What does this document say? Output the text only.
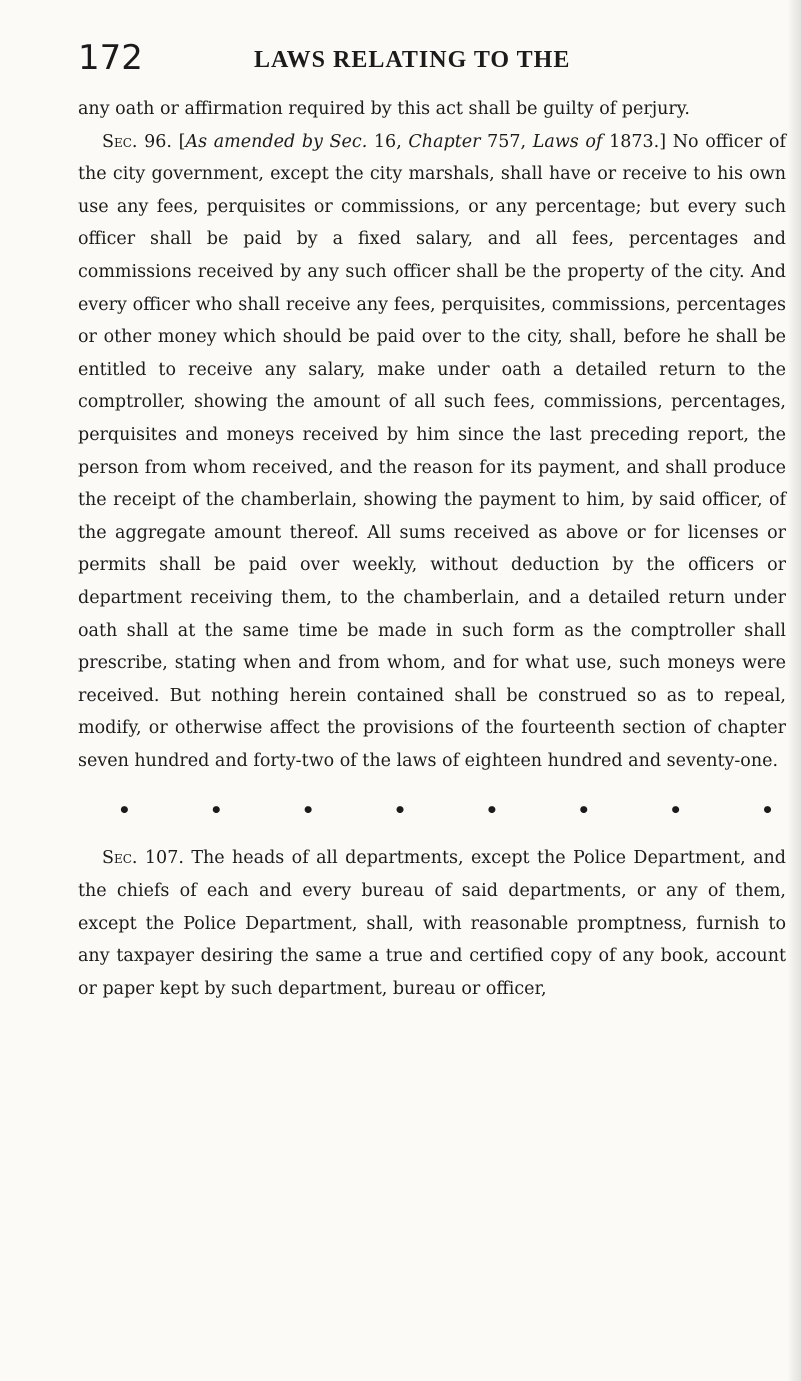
172	LAWS RELATING TO THE

any oath or affirmation required by this act shall be guilty of perjury.

Sec. 96. [As amended by Sec. 16, Chapter 757, Laws of 1873.] No officer of the city government, except the city marshals, shall have or receive to his own use any fees, perquisites or commissions, or any percentage; but every such officer shall be paid by a fixed salary, and all fees, percentages and commissions received by any such officer shall be the property of the city. And every officer who shall receive any fees, perquisites, commissions, percentages or other money which should be paid over to the city, shall, before he shall be entitled to receive any salary, make under oath a detailed return to the comptroller, showing the amount of all such fees, commissions, percentages, perquisites and moneys received by him since the last preceding report, the person from whom received, and the reason for its payment, and shall produce the receipt of the chamberlain, showing the payment to him, by said officer, of the aggregate amount thereof. All sums received as above or for licenses or permits shall be paid over weekly, without deduction by the officers or department receiving them, to the chamberlain, and a detailed return under oath shall at the same time be made in such form as the comptroller shall prescribe, stating when and from whom, and for what use, such moneys were received. But nothing herein contained shall be construed so as to repeal, modify, or otherwise affect the provisions of the fourteenth section of chapter seven hundred and forty-two of the laws of eighteen hundred and seventy-one.

•	•	•	•	•	•	•	•

Sec. 107. The heads of all departments, except the Police Department, and the chiefs of each and every bureau of said departments, or any of them, except the Police Department, shall, with reasonable promptness, furnish to any taxpayer desiring the same a true and certified copy of any book, account or paper kept by such department, bureau or officer,
